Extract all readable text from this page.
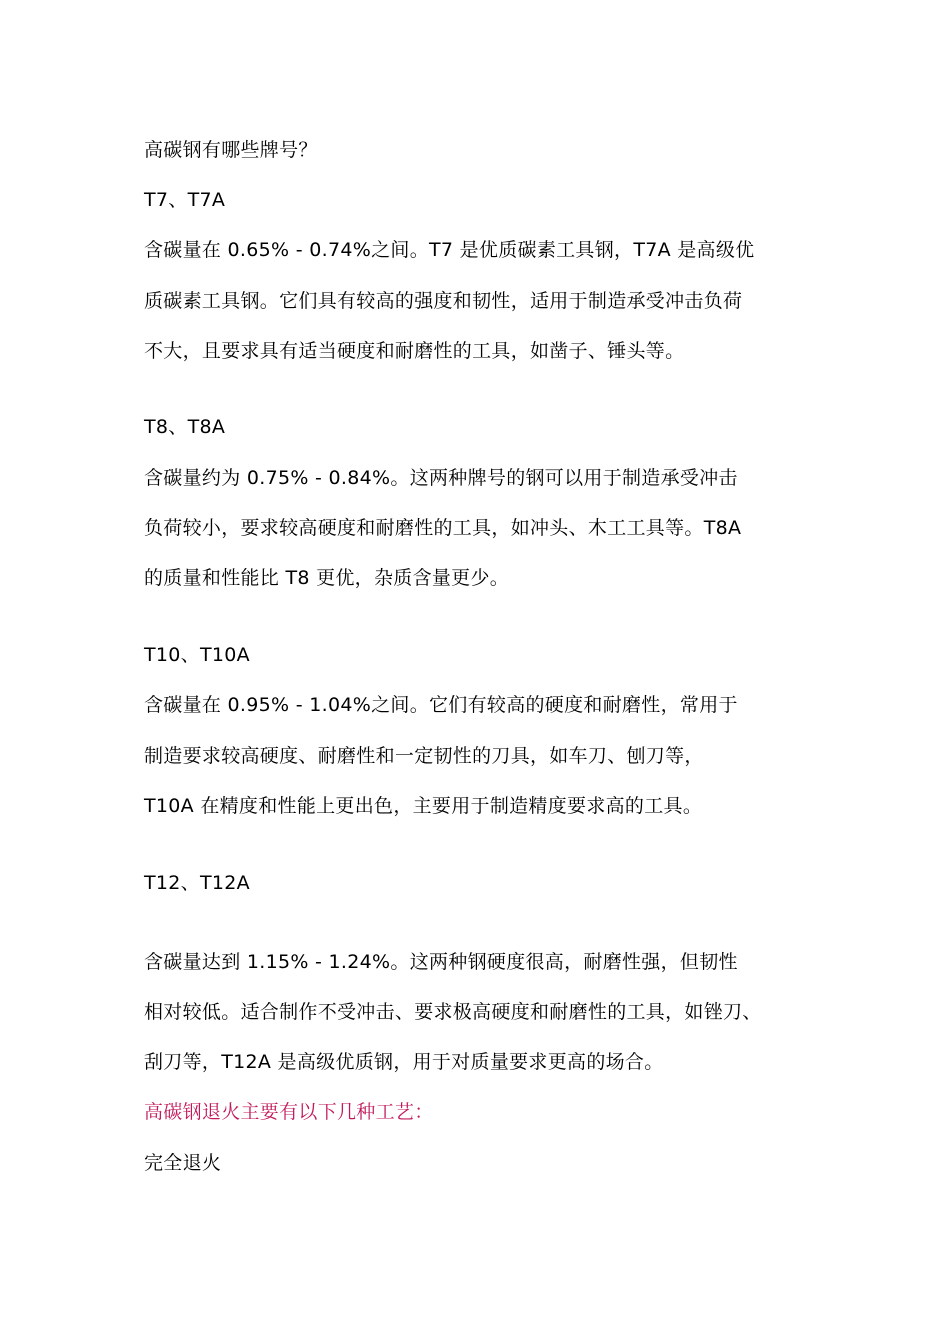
高碳钢有哪些牌号？
T7、T7A
含碳量在 0.65% - 0.74%之间。T7 是优质碳素工具钢，T7A 是高级优
质碳素工具钢。它们具有较高的强度和韧性，适用于制造承受冲击负荷
不大，且要求具有适当硬度和耐磨性的工具，如凿子、锤头等。
T8、T8A
含碳量约为 0.75% - 0.84%。这两种牌号的钢可以用于制造承受冲击
负荷较小，要求较高硬度和耐磨性的工具，如冲头、木工工具等。T8A
的质量和性能比 T8 更优，杂质含量更少。
T10、T10A
含碳量在 0.95% - 1.04%之间。它们有较高的硬度和耐磨性，常用于
制造要求较高硬度、耐磨性和一定韧性的刀具，如车刀、刨刀等，
T10A 在精度和性能上更出色，主要用于制造精度要求高的工具。
T12、T12A
含碳量达到 1.15% - 1.24%。这两种钢硬度很高，耐磨性强，但韧性
相对较低。适合制作不受冲击、要求极高硬度和耐磨性的工具，如锉刀、
刮刀等，T12A 是高级优质钢，用于对质量要求更高的场合。
高碳钢退火主要有以下几种工艺：
完全退火
